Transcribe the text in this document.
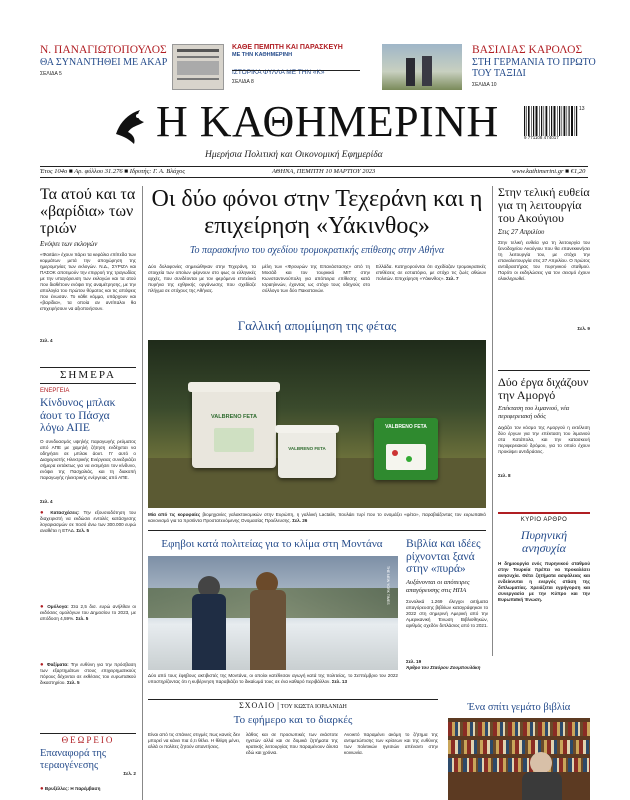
Ν. ΠΑΝΑΓΙΩΤΟΠΟΥΛΟΣ
ΘΑ ΣΥΝΑΝΤΗΘΕΙ ΜΕ ΑΚΑΡ
ΣΕΛΙΔΑ 5
ΚΑΘΕ ΠΕΜΠΤΗ ΚΑΙ ΠΑΡΑΣΚΕΥΗ
ΜΕ ΤΗΝ ΚΑΘΗΜΕΡΙΝΗ
ΙΣΤΟΡΙΚΑ ΦΥΛΛΑ ΜΕ ΤΗΝ «Κ»
ΣΕΛΙΔΑ 8
ΒΑΣΙΛΙΑΣ ΚΑΡΟΛΟΣ
ΣΤΗ ΓΕΡΜΑΝΙΑ ΤΟ ΠΡΩΤΟ ΤΟΥ ΤΑΞΙΔΙ
ΣΕΛΙΔΑ 10
Η ΚΑΘΗΜΕΡΙΝΗ
Ημερήσια Πολιτική και Οικονομική Εφημερίδα
9 771108 474017
13
Έτος 104ο ■ Αρ. φύλλου 31.276 ■ Ιδρυτής: Γ. Α. Βλάχος	ΑΘΗΝΑ, ΠΕΜΠΤΗ 10 ΜΑΡΤΙΟΥ 2023	www.kathimerini.gr ■ €1,20
Τα ατού και τα «βαρίδια» των τριών
Ενόψει των εκλογών
«Φαιτάει» έχουν πάρει τα κεφάλια επίπεδα των κομμάτων μετά την αποχώρηση της ημερομηνίας των εκλογών. Ν.Δ., ΣΥΡΙΖΑ και ΠΑΣΟΚ αποτιμούν την επιρροή της τραγωδίας με την υπαγόρευση των εκλογών και τα ατού που διαθέτουν ενόψει της αναμέτρησης, με την απολογία του πρώτου θύματος και τις απόψεις που ένωσαν. Το κάθε κόμμα, υπάρχουν και «βαρίδια», τα οποία αν αντίπαλοι θα επιχειρήσουν να αξιοποιήσουν.
Σελ. 4
ΣΗΜΕΡΑ
ΕΝΕΡΓΕΙΑ
Κίνδυνος μπλακ άουτ το Πάσχα λόγω ΑΠΕ
Ο συνδυασμός υψηλής παραγωγής ρεύματος από ΑΠΕ με χαμηλή ζήτηση ενδέχεται να οδηγήσει σε μπλακ άουτ. Γι' αυτό ο Διαχειριστής Ηλεκτρικής Ενέργειας συνεδριάζει σήμερα εκτάκτως για να εκτιμήσει τον κίνδυνο, ενόψει της Πασχαλιάς, και τη διακοπή παραγωγής ηλεκτρικής ενέργειας από ΑΠΕ.
Σελ. 4
● Κατασχέσεις: Την εξουσιοδότηση του διαχειριστή να εκδώσει εντολές κατάσχεσης λογαριασμών σε ποσό άνω των 300.000 ευρώ αναθέτει η ΕΤΑΔ. Σελ. 5
● Ομόλογα: Στα 2,5 δισ. ευρώ ανήλθαν οι εκδόσεις ομολόγων του Δημοσίου το 2023, με απόδοση 4,59%. Σελ. 5
● Φαξίματα: Την ευθύνη για την πρόσβαση των εξαρτημάτων στους επιχειρηματικούς πόρους δέχονται σε εκθέσεις του ευρωπαϊκού δικαστηρίου. Σελ. 5
ΘΕΩΡΕΙΟ
Επαναφορά της τεραογένεσης
Σελ. 2
● Βρυξέλλες: Η παρέμβαση
Οι δύο φόνοι στην Τεχεράνη και η επιχείρηση «Υάκινθος»
Το παρασκήνιο του σχεδίου τρομοκρατικής επίθεσης στην Αθήνα
Δύο δολοφονίες σημειώθηκαν στην Τεχεράνη, τα στοιχεία των οποίων φέρνουν στο φως οι ελληνικές αρχές, που συνδέονται με τον φερόμενο επιτελικό πυρήνα της εχθρικής οργάνωσης που σχεδίαζε πλήγμα σε στόχους της Αθήνας.
μέλη των «Φρουρών της Επανάστασης» από τη Μοσάδ και τον τουρκικό ΜΙΤ στην Κωνσταντινούπολη για απόπειρα επίθεσης κατά Ισραηλινών, έχοντας ως στόχο τους οδηγούς στο σύλλογο των δύο Πακιστανών.
Ελλάδα. Κατηγορούνται ότι σχεδίαζαν τρομοκρατικές επιθέσεις σε εστιατόριο, με στόχο τις ζωές αθώων πολιτών. Επιχείρηση «Υάκινθος». Σελ. 7
Γαλλική απομίμηση της φέτας
VALBRENO FETA
VALBRENO FETA
VALBRENO FETA
Μία από τις κορυφαίες βιομηχανίες γαλακτοκομικών στην Ευρώπη, η γαλλική Lactalis, πουλάει τυρί που το ονομάζει «φέτα», παραβιάζοντας τον ευρωπαϊκό κανονισμό για τα προϊόντα Προστατευόμενης Ονομασίας Προέλευσης. Σελ. 26
Εφηβοι κατά πολιτείας για το κλίμα στη Μοντάνα
THE NEW YORK TIMES
Δύο από τους έφηβους ακτιβιστές της Μοντάνα, οι οποίοι κατέθεσαν αγωγή κατά της πολιτείας, το Σεπτέμβριο του 2022 υποστηρίζοντας ότι η κυβέρνηση παραβιάζει το δικαίωμά τους σε ένα καθαρό περιβάλλον. Σελ. 13
Βιβλία και ιδέες ρίχνονται ξανά στην «πυρά»
Αυξάνονται οι απόπειρες απαγόρευσης στις ΗΠΑ
Συνολικά 1.269 έλεγχοι αιτήματα απαγόρευσης βιβλίων καταγράφηκαν το 2022 στη σημερινή Αμερική από την Αμερικανική Ένωση Βιβλιοθηκών, αριθμός σχεδόν διπλάσιος από το 2021.
Σελ. 19
Άρθρο του Σταύρου Ζουμπουλάκη
Στην τελική ευθεία για τη λειτουργία του Ακούγιου
Στις 27 Απριλίου
Στην τελική ευθεία για τη λειτουργία του ξενοδοχείου Ακούγιου που θα επανεκκινήσει τη λειτουργία του, με στόχο την επαναλειτουργία στις 27 Απριλίου. Ο πρώτος αντιδραστήρας του πυρηνικού σταθμού. Παρότι οι εκδηλώσεις για τον σεισμό έχουν ολοκληρωθεί.
Σελ. 9
Δύο έργα διχάζουν την Αμοργό
Επέκταση του λιμανιού, νέα περιφερειακή οδός
Διχάζει τον κόσμο της Αμοργού η εκτέλεση δύο έργων για την επέκταση του λιμανιού στα Κατάπολα, και την κατασκευή περιφερειακού δρόμου, για το οποίο έχουν προκύψει αντιδράσεις.
Σελ. 8
ΚΥΡΙΟ ΑΡΘΡΟ
Πυρηνική ανησυχία
Η δημιουργία ενός πυρηνικού σταθμού στην Τουρκία πρέπει να προκαλέσει ανησυχία. Θέτει ζητήματα ασφάλειας και ενδείκνυται η ενεργός στάση της διπλωματίας. Χρειάζεται εγρήγορση και συνεργασία με την Κύπρο και την Ευρωπαϊκή Ένωση.
ΣΧΟΛΙΟ | ΤΟΥ ΚΩΣΤΑ ΙΟΡΔΑΝΙΔΗ
Το εφήμερο και το διαρκές
Είναι από τις σπάνιες στιγμές πως κανείς δεν μπορεί να κάνει πια ό,τι θέλει. Η θλίψη μένει, αλλά οι πολίτες ζητούν απαντήσεις.
λάθος και σε προσωπικές των εκάστοτε ηγετών αλλά και σε δομικά ζητήματα της κρατικής λειτουργίας που παραμένουν άλυτα εδώ και χρόνια.
Ανοικτό παραμένει ακόμη το ζήτημα της αντιμετώπισης των κρίσεων και της ευθύνης των πολιτικών ηγεσιών απέναντι στην κοινωνία.
Ένα σπίτι γεμάτο βιβλία
